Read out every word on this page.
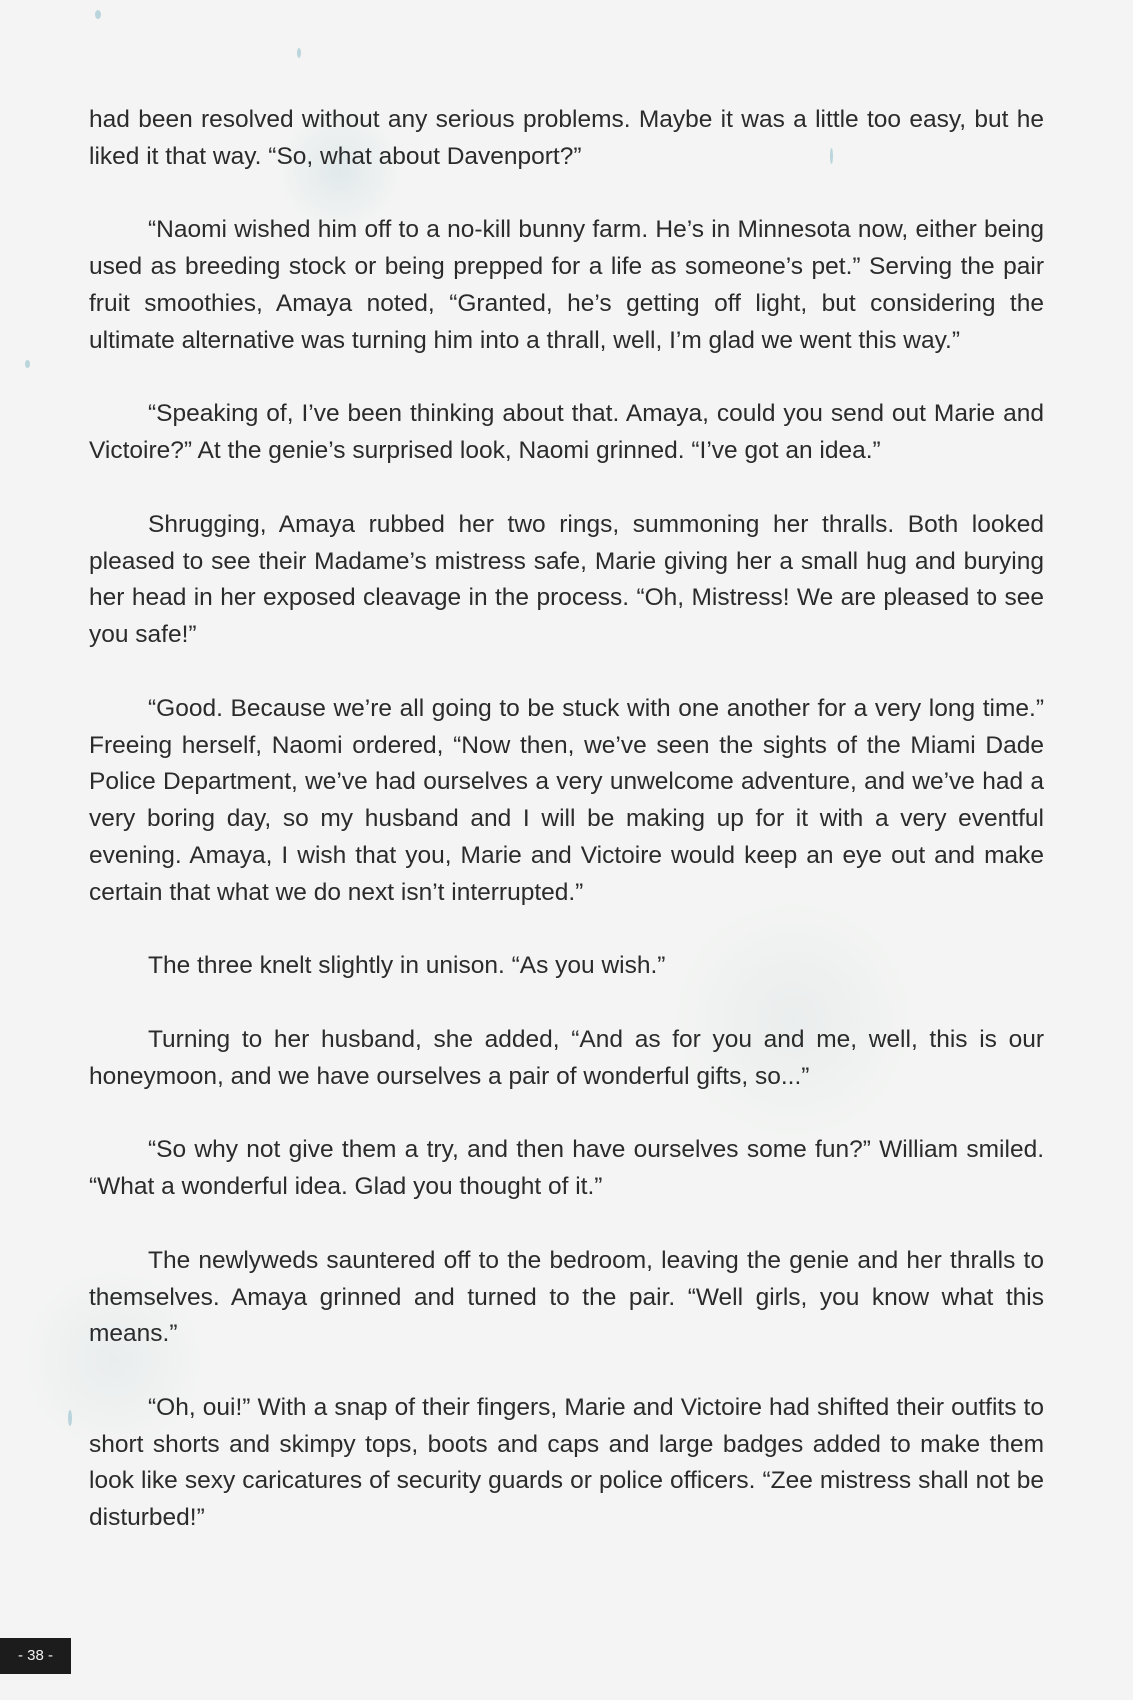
had been resolved without any serious problems. Maybe it was a little too easy, but he liked it that way. “So, what about Davenport?”

“Naomi wished him off to a no-kill bunny farm. He’s in Minnesota now, either being used as breeding stock or being prepped for a life as someone’s pet.” Serving the pair fruit smoothies, Amaya noted, “Granted, he’s getting off light, but considering the ultimate alternative was turning him into a thrall, well, I’m glad we went this way.”

“Speaking of, I’ve been thinking about that. Amaya, could you send out Marie and Victoire?” At the genie’s surprised look, Naomi grinned. “I’ve got an idea.”

Shrugging, Amaya rubbed her two rings, summoning her thralls. Both looked pleased to see their Madame’s mistress safe, Marie giving her a small hug and burying her head in her exposed cleavage in the process. “Oh, Mistress! We are pleased to see you safe!”

“Good. Because we’re all going to be stuck with one another for a very long time.” Freeing herself, Naomi ordered, “Now then, we’ve seen the sights of the Miami Dade Police Department, we’ve had ourselves a very unwelcome adventure, and we’ve had a very boring day, so my husband and I will be making up for it with a very eventful evening. Amaya, I wish that you, Marie and Victoire would keep an eye out and make certain that what we do next isn’t interrupted.”

The three knelt slightly in unison. “As you wish.”

Turning to her husband, she added, “And as for you and me, well, this is our honeymoon, and we have ourselves a pair of wonderful gifts, so...”

“So why not give them a try, and then have ourselves some fun?” William smiled. “What a wonderful idea. Glad you thought of it.”

The newlyweds sauntered off to the bedroom, leaving the genie and her thralls to themselves. Amaya grinned and turned to the pair. “Well girls, you know what this means.”

“Oh, oui!” With a snap of their fingers, Marie and Victoire had shifted their outfits to short shorts and skimpy tops, boots and caps and large badges added to make them look like sexy caricatures of security guards or police officers. “Zee mistress shall not be disturbed!”

- 38 -
